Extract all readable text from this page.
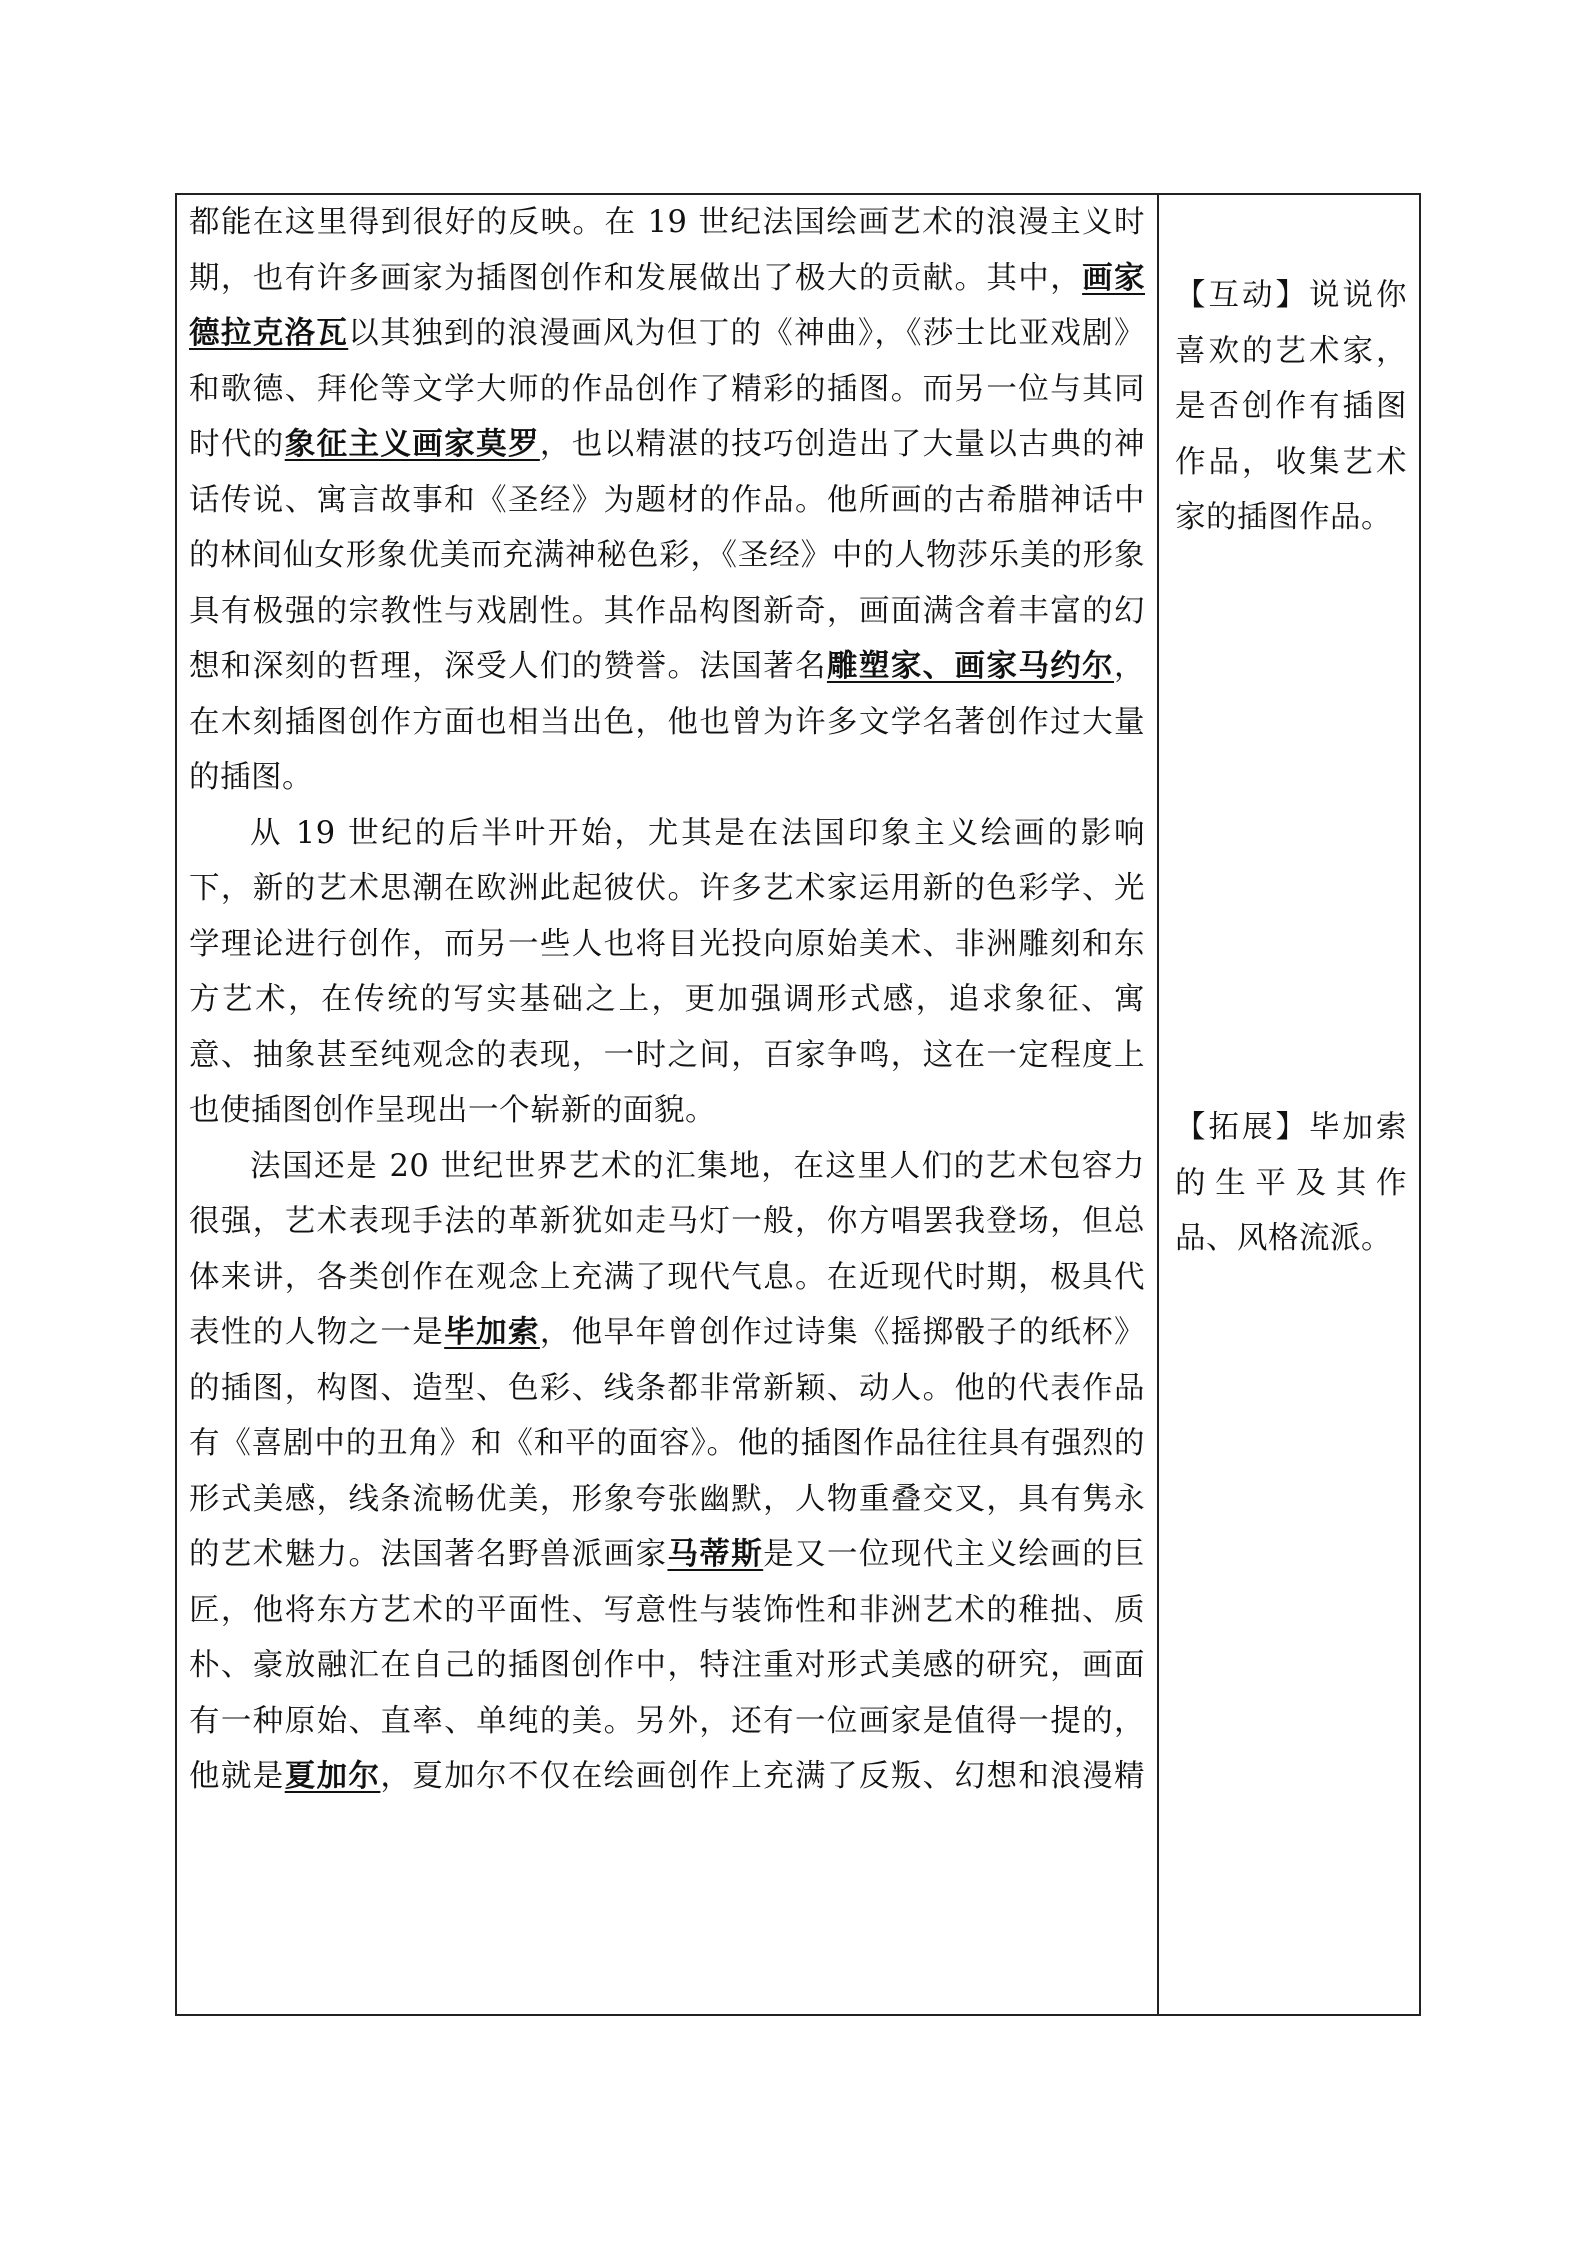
都能在这里得到很好的反映。在 19 世纪法国绘画艺术的浪漫主义时期，也有许多画家为插图创作和发展做出了极大的贡献。其中，画家德拉克洛瓦以其独到的浪漫画风为但丁的《神曲》，《莎士比亚戏剧》和歌德、拜伦等文学大师的作品创作了精彩的插图。而另一位与其同时代的象征主义画家莫罗，也以精湛的技巧创造出了大量以古典的神话传说、寓言故事和《圣经》为题材的作品。他所画的古希腊神话中的林间仙女形象优美而充满神秘色彩，《圣经》中的人物莎乐美的形象具有极强的宗教性与戏剧性。其作品构图新奇，画面满含着丰富的幻想和深刻的哲理，深受人们的赞誉。法国著名雕塑家、画家马约尔，在木刻插图创作方面也相当出色，他也曾为许多文学名著创作过大量的插图。

从 19 世纪的后半叶开始，尤其是在法国印象主义绘画的影响下，新的艺术思潮在欧洲此起彼伏。许多艺术家运用新的色彩学、光学理论进行创作，而另一些人也将目光投向原始美术、非洲雕刻和东方艺术，在传统的写实基础之上，更加强调形式感，追求象征、寓意、抽象甚至纯观念的表现，一时之间，百家争鸣，这在一定程度上也使插图创作呈现出一个崭新的面貌。

法国还是 20 世纪世界艺术的汇集地，在这里人们的艺术包容力很强，艺术表现手法的革新犹如走马灯一般，你方唱罢我登场，但总体来讲，各类创作在观念上充满了现代气息。在近现代时期，极具代表性的人物之一是毕加索，他早年曾创作过诗集《摇掷骰子的纸杯》的插图，构图、造型、色彩、线条都非常新颖、动人。他的代表作品有《喜剧中的丑角》和《和平的面容》。他的插图作品往往具有强烈的形式美感，线条流畅优美，形象夸张幽默，人物重叠交叉，具有隽永的艺术魅力。法国著名野兽派画家马蒂斯是又一位现代主义绘画的巨匠，他将东方艺术的平面性、写意性与装饰性和非洲艺术的稚拙、质朴、豪放融汇在自己的插图创作中，特注重对形式美感的研究，画面有一种原始、直率、单纯的美。另外，还有一位画家是值得一提的，他就是夏加尔，夏加尔不仅在绘画创作上充满了反叛、幻想和浪漫精

【互动】说说你喜欢的艺术家，是否创作有插图作品，收集艺术家的插图作品。

【拓展】毕加索的生平及其作品、风格流派。
